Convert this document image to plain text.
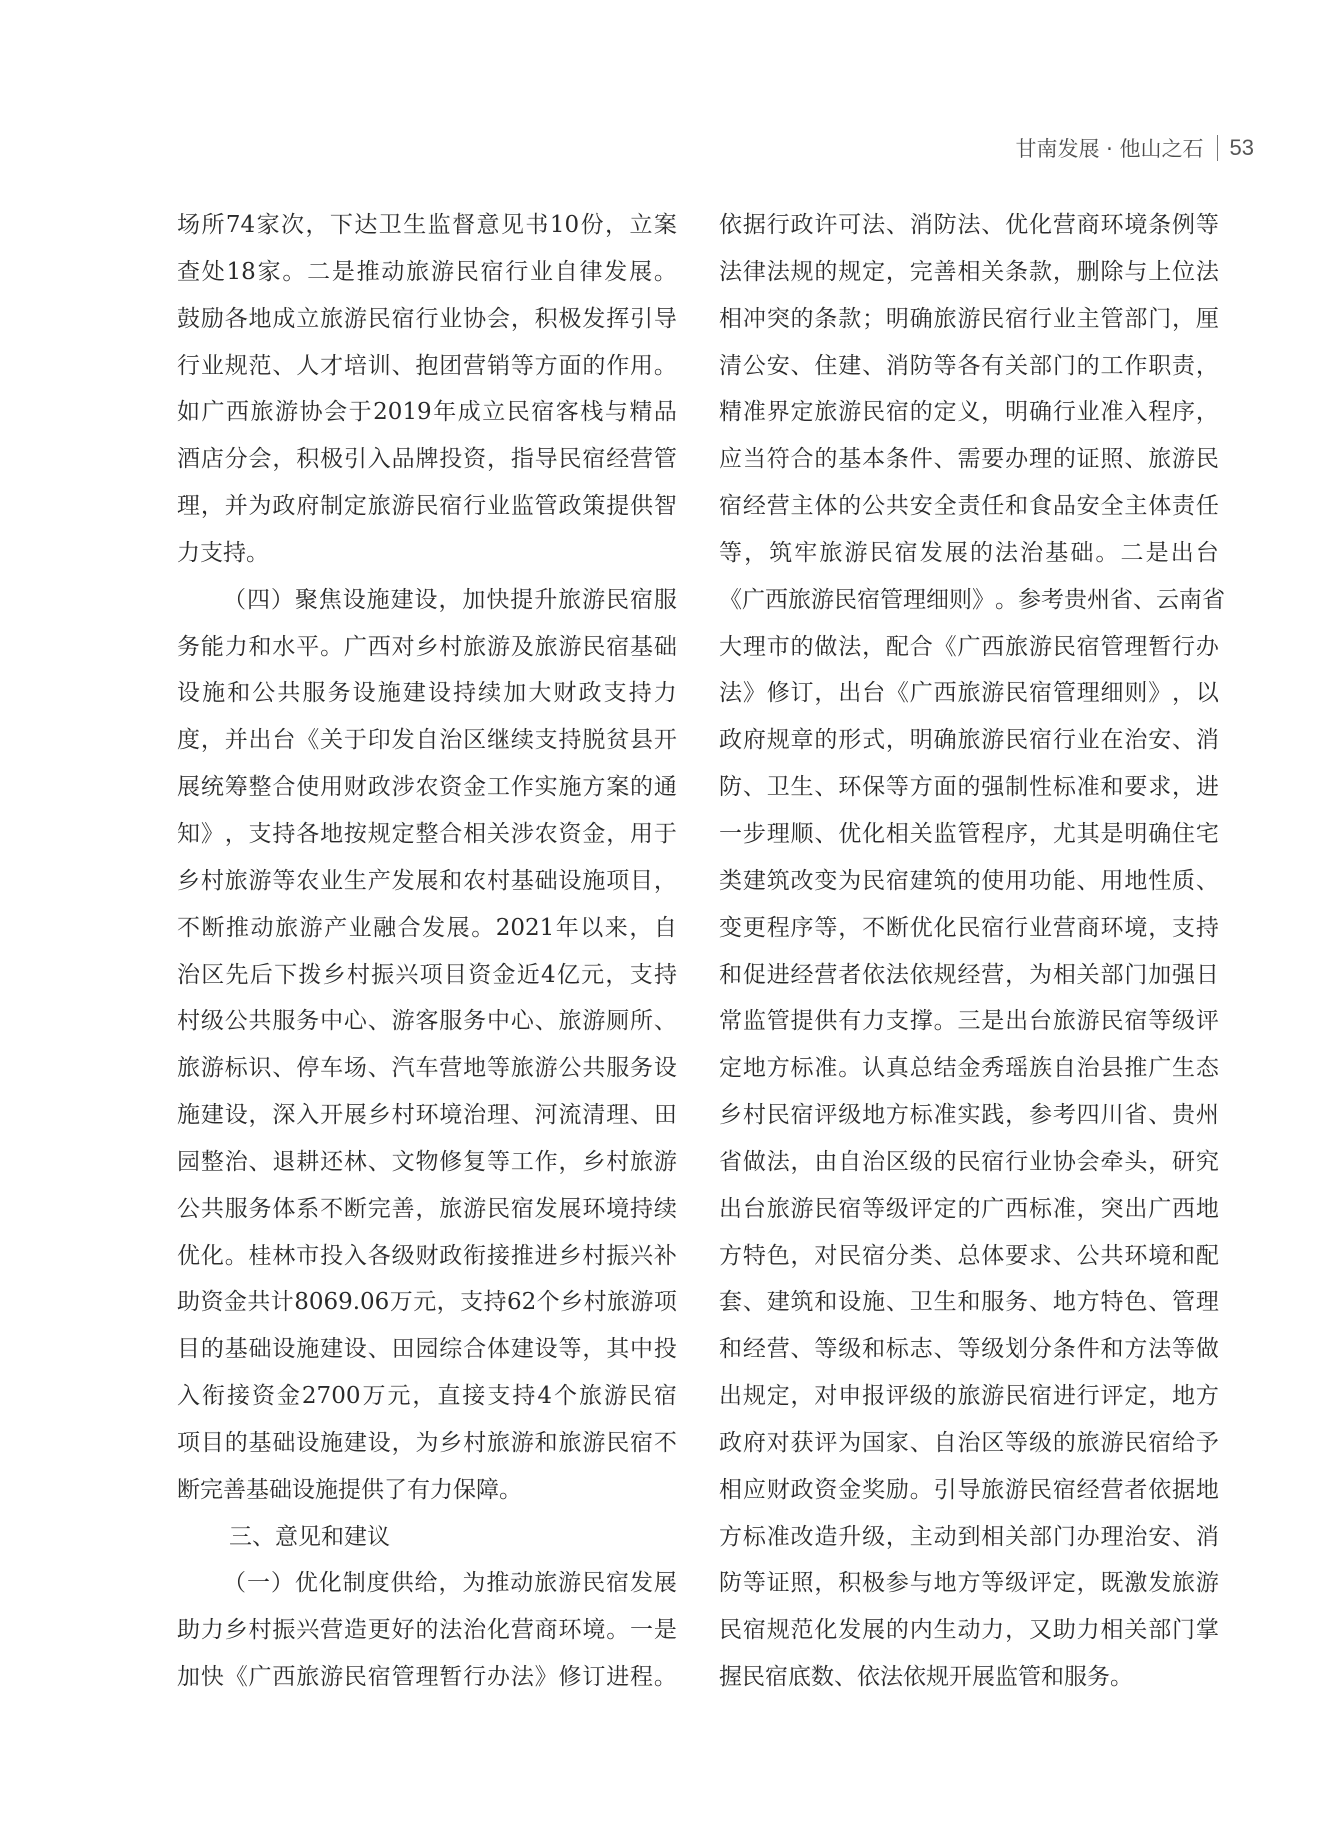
甘南发展 · 他山之石 53
场 所 74 家 次 ， 下 达 卫 生 监 督 意 见 书 10 份 ， 立 案
查 处 18 家 。 二 是 推 动 旅 游 民 宿 行 业 自 律 发 展 。
鼓 励 各 地 成 立 旅 游 民 宿 行 业 协 会 ， 积 极 发 挥 引 导
行 业 规 范 、 人 才 培 训 、 抱 团 营 销 等 方 面 的 作 用 。
如 广 西 旅 游 协 会 于 2019 年 成 立 民 宿 客 栈 与 精 品
酒 店 分 会 ， 积 极 引 入 品 牌 投 资 ， 指 导 民 宿 经 营 管
理 ， 并 为 政 府 制 定 旅 游 民 宿 行 业 监 管 政 策 提 供 智
力支持。
（ 四 ） 聚 焦 设 施 建 设 ， 加 快 提 升 旅 游 民 宿 服
务 能 力 和 水 平 。 广 西 对 乡 村 旅 游 及 旅 游 民 宿 基 础
设 施 和 公 共 服 务 设 施 建 设 持 续 加 大 财 政 支 持 力
度 ， 并 出 台 《 关 于 印 发 自 治 区 继 续 支 持 脱 贫 县 开
展 统 筹 整 合 使 用 财 政 涉 农 资 金 工 作 实 施 方 案 的 通
知 》 ， 支 持 各 地 按 规 定 整 合 相 关 涉 农 资 金 ， 用 于
乡 村 旅 游 等 农 业 生 产 发 展 和 农 村 基 础 设 施 项 目 ，
不 断 推 动 旅 游 产 业 融 合 发 展 。 2021 年 以 来 ， 自
治 区 先 后 下 拨 乡 村 振 兴 项 目 资 金 近 4 亿 元 ， 支 持
村 级 公 共 服 务 中 心 、 游 客 服 务 中 心 、 旅 游 厕 所 、
旅 游 标 识 、 停 车 场 、 汽 车 营 地 等 旅 游 公 共 服 务 设
施 建 设 ， 深 入 开 展 乡 村 环 境 治 理 、 河 流 清 理 、 田
园 整 治 、 退 耕 还 林 、 文 物 修 复 等 工 作 ， 乡 村 旅 游
公 共 服 务 体 系 不 断 完 善 ， 旅 游 民 宿 发 展 环 境 持 续
优 化 。 桂 林 市 投 入 各 级 财 政 衔 接 推 进 乡 村 振 兴 补
助 资 金 共 计 8069.06 万 元 ， 支 持 62 个 乡 村 旅 游 项
目 的 基 础 设 施 建 设 、 田 园 综 合 体 建 设 等 ， 其 中 投
入 衔 接 资 金 2700 万 元 ， 直 接 支 持 4 个 旅 游 民 宿
项 目 的 基 础 设 施 建 设 ， 为 乡 村 旅 游 和 旅 游 民 宿 不
断完善基础设施提供了有力保障。
三、意见和建议
（ 一 ） 优 化 制 度 供 给 ， 为 推 动 旅 游 民 宿 发 展
助 力 乡 村 振 兴 营 造 更 好 的 法 治 化 营 商 环 境 。 一 是
加 快 《 广 西 旅 游 民 宿 管 理 暂 行 办 法 》 修 订 进 程 。
依 据 行 政 许 可 法 、 消 防 法 、 优 化 营 商 环 境 条 例 等
法 律 法 规 的 规 定 ， 完 善 相 关 条 款 ， 删 除 与 上 位 法
相 冲 突 的 条 款 ； 明 确 旅 游 民 宿 行 业 主 管 部 门 ， 厘
清 公 安 、 住 建 、 消 防 等 各 有 关 部 门 的 工 作 职 责 ，
精 准 界 定 旅 游 民 宿 的 定 义 ， 明 确 行 业 准 入 程 序 ，
应 当 符 合 的 基 本 条 件 、 需 要 办 理 的 证 照 、 旅 游 民
宿 经 营 主 体 的 公 共 安 全 责 任 和 食 品 安 全 主 体 责 任
等 ， 筑 牢 旅 游 民 宿 发 展 的 法 治 基 础 。 二 是 出 台
《 广 西 旅 游 民 宿 管 理 细 则 》 。 参 考 贵 州 省 、 云 南 省
大 理 市 的 做 法 ， 配 合 《 广 西 旅 游 民 宿 管 理 暂 行 办
法 》 修 订 ， 出 台 《 广 西 旅 游 民 宿 管 理 细 则 》 ， 以
政 府 规 章 的 形 式 ， 明 确 旅 游 民 宿 行 业 在 治 安 、 消
防 、 卫 生 、 环 保 等 方 面 的 强 制 性 标 准 和 要 求 ， 进
一 步 理 顺 、 优 化 相 关 监 管 程 序 ， 尤 其 是 明 确 住 宅
类 建 筑 改 变 为 民 宿 建 筑 的 使 用 功 能 、 用 地 性 质 、
变 更 程 序 等 ， 不 断 优 化 民 宿 行 业 营 商 环 境 ， 支 持
和 促 进 经 营 者 依 法 依 规 经 营 ， 为 相 关 部 门 加 强 日
常 监 管 提 供 有 力 支 撑 。 三 是 出 台 旅 游 民 宿 等 级 评
定 地 方 标 准 。 认 真 总 结 金 秀 瑶 族 自 治 县 推 广 生 态
乡 村 民 宿 评 级 地 方 标 准 实 践 ， 参 考 四 川 省 、 贵 州
省 做 法 ， 由 自 治 区 级 的 民 宿 行 业 协 会 牵 头 ， 研 究
出 台 旅 游 民 宿 等 级 评 定 的 广 西 标 准 ， 突 出 广 西 地
方 特 色 ， 对 民 宿 分 类 、 总 体 要 求 、 公 共 环 境 和 配
套 、 建 筑 和 设 施 、 卫 生 和 服 务 、 地 方 特 色 、 管 理
和 经 营 、 等 级 和 标 志 、 等 级 划 分 条 件 和 方 法 等 做
出 规 定 ， 对 申 报 评 级 的 旅 游 民 宿 进 行 评 定 ， 地 方
政 府 对 获 评 为 国 家 、 自 治 区 等 级 的 旅 游 民 宿 给 予
相 应 财 政 资 金 奖 励 。 引 导 旅 游 民 宿 经 营 者 依 据 地
方 标 准 改 造 升 级 ， 主 动 到 相 关 部 门 办 理 治 安 、 消
防 等 证 照 ， 积 极 参 与 地 方 等 级 评 定 ， 既 激 发 旅 游
民 宿 规 范 化 发 展 的 内 生 动 力 ， 又 助 力 相 关 部 门 掌
握民宿底数、依法依规开展监管和服务。
